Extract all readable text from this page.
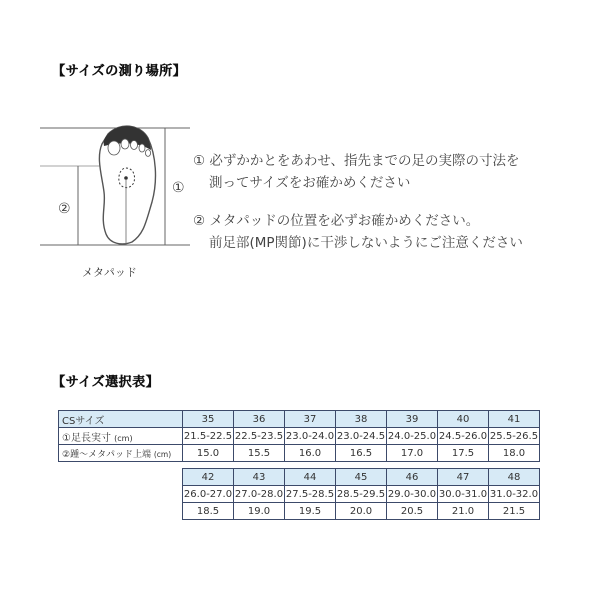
【サイズの測り場所】
①
②
メタパッド
① 必ずかかとをあわせ、指先までの足の実際の寸法を
測ってサイズをお確かめください
② メタパッドの位置を必ずお確かめください。
前足部(MP関節)に干渉しないようにご注意ください
【サイズ選択表】
CSサイズ	35	36	37	38	39	40	41
①足長実寸 (cm)	21.5-22.5	22.5-23.5	23.0-24.0	23.0-24.5	24.0-25.0	24.5-26.0	25.5-26.5
②踵～メタパッド上端 (cm)	15.0	15.5	16.0	16.5	17.0	17.5	18.0
42	43	44	45	46	47	48
26.0-27.0	27.0-28.0	27.5-28.5	28.5-29.5	29.0-30.0	30.0-31.0	31.0-32.0
18.5	19.0	19.5	20.0	20.5	21.0	21.5
